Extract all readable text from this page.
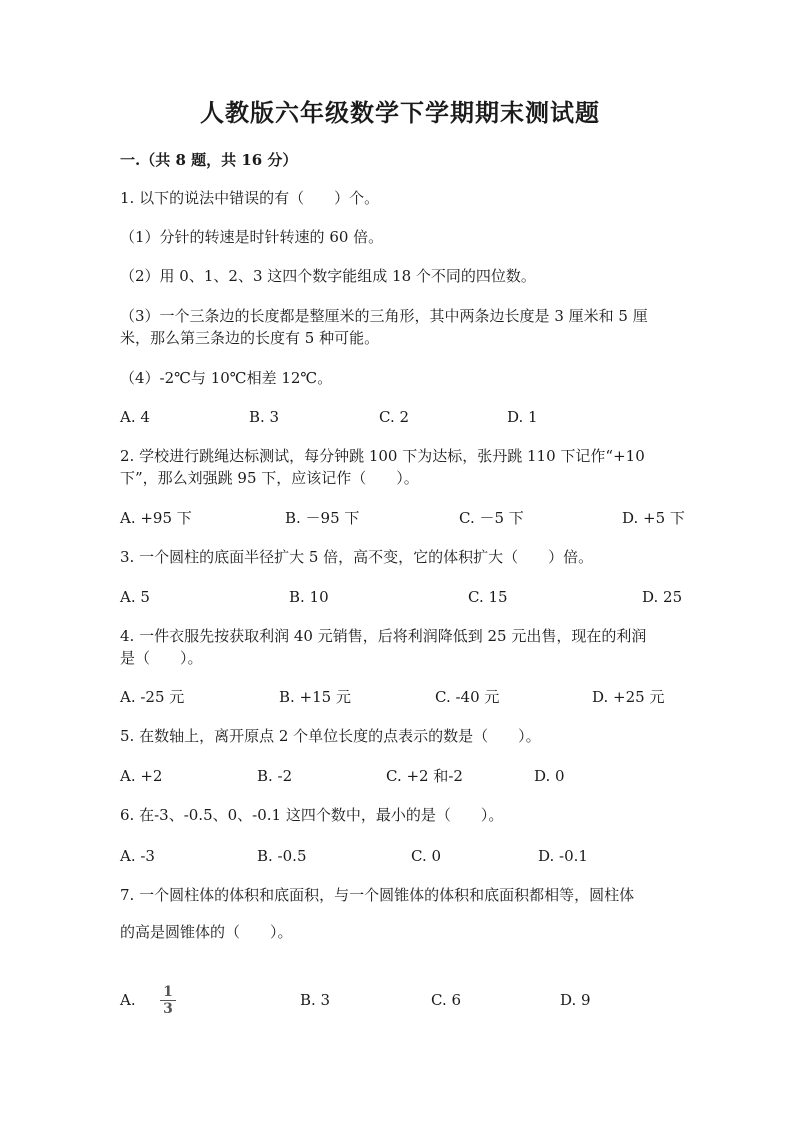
人教版六年级数学下学期期末测试题
一.（共 8 题，共 16 分）
1. 以下的说法中错误的有（　　）个。
（1）分针的转速是时针转速的 60 倍。
（2）用 0、1、2、3 这四个数字能组成 18 个不同的四位数。
（3）一个三条边的长度都是整厘米的三角形，其中两条边长度是 3 厘米和 5 厘
米，那么第三条边的长度有 5 种可能。
（4）-2℃与 10℃相差 12℃。
A. 4	B. 3	C. 2	D. 1
2. 学校进行跳绳达标测试，每分钟跳 100 下为达标，张丹跳 110 下记作“+10
下”，那么刘强跳 95 下，应该记作（　　）。
A. +95 下	B. －95 下	C. －5 下	D. +5 下
3. 一个圆柱的底面半径扩大 5 倍，高不变，它的体积扩大（　　）倍。
A. 5	B. 10	C. 15	D. 25
4. 一件衣服先按获取利润 40 元销售，后将利润降低到 25 元出售，现在的利润
是（　　）。
A. -25 元	B. +15 元	C. -40 元	D. +25 元
5. 在数轴上，离开原点 2 个单位长度的点表示的数是（　　）。
A. +2	B. -2	C. +2 和-2	D. 0
6. 在-3、-0.5、0、-0.1 这四个数中，最小的是（　　）。
A. -3	B. -0.5	C. 0	D. -0.1
7. 一个圆柱体的体积和底面积，与一个圆锥体的体积和底面积都相等，圆柱体
的高是圆锥体的（　　）。
A.	B. 3	C. 6	D. 9
1
3
